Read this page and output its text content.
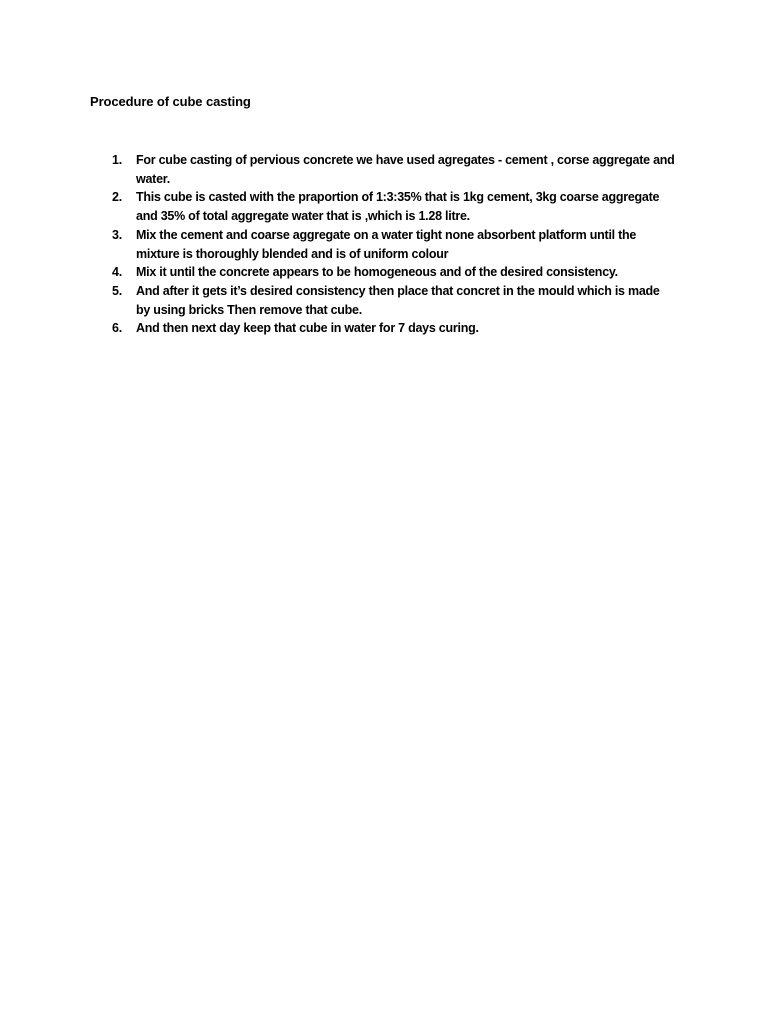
Procedure of cube casting
1.	For cube casting of pervious concrete we have used agregates - cement , corse aggregate and water.
2.	This cube is casted with the praportion of 1:3:35% that is 1kg cement, 3kg coarse aggregate and 35% of total aggregate water that is ,which is 1.28 litre.
3.	Mix the cement and coarse aggregate on a water tight none absorbent platform until the mixture is thoroughly blended and is of uniform colour
4.	Mix it until the concrete appears to be homogeneous and of the desired consistency.
5.	And after it gets it’s desired consistency then place that concret in the mould which is made by using bricks Then remove that cube.
6.	And then next day keep that cube in water for 7 days curing.
